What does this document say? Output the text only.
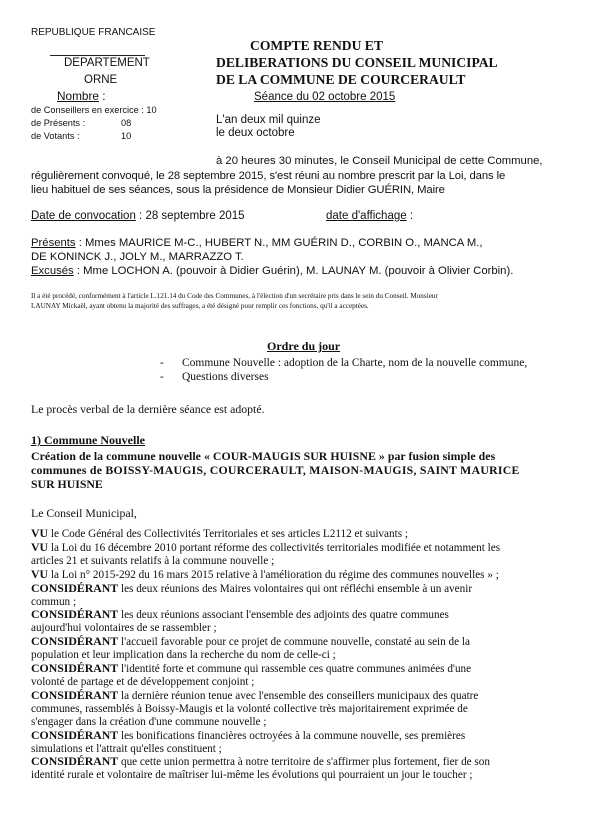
REPUBLIQUE FRANCAISE
DEPARTEMENT
ORNE
COMPTE RENDU ET
DELIBERATIONS DU CONSEIL MUNICIPAL
DE LA COMMUNE DE COURCERAULT
Séance du 02 octobre 2015
Nombre :
de Conseillers en exercice : 10
de Présents :	08
de Votants :	10
L'an deux mil quinze
le deux octobre
à 20 heures 30 minutes, le Conseil Municipal de cette Commune,
régulièrement convoqué, le 28 septembre 2015, s'est réuni au nombre prescrit par la Loi, dans le
lieu habituel de ses séances, sous la présidence de Monsieur Didier GUÉRIN, Maire
Date de convocation : 28 septembre 2015	date d'affichage :
Présents : Mmes MAURICE M-C., HUBERT N., MM GUÉRIN D., CORBIN O., MANCA M.,
DE KONINCK J., JOLY M., MARRAZZO T.
Excusés : Mme LOCHON A. (pouvoir à Didier Guérin), M. LAUNAY M. (pouvoir à Olivier Corbin).
Il a été procédé, conformément à l'article L.121.14 du Code des Communes, à l'élection d'un secrétaire pris dans le sein du Conseil. Monsieur
LAUNAY Mickaël, ayant obtenu la majorité des suffrages, a été désigné pour remplir ces fonctions, qu'il a acceptées.
Ordre du jour
- Commune Nouvelle : adoption de la Charte, nom de la nouvelle commune,
- Questions diverses
Le procès verbal de la dernière séance est adopté.
1) Commune Nouvelle
Création de la commune nouvelle « COUR-MAUGIS SUR HUISNE » par fusion simple des
communes de BOISSY-MAUGIS, COURCERAULT, MAISON-MAUGIS, SAINT MAURICE
SUR HUISNE
Le Conseil Municipal,
VU le Code Général des Collectivités Territoriales et ses articles L2112 et suivants ;
VU la Loi du 16 décembre 2010 portant réforme des collectivités territoriales modifiée et notamment les
articles 21 et suivants relatifs à la commune nouvelle ;
VU la Loi n° 2015-292 du 16 mars 2015 relative à l'amélioration du régime des communes nouvelles » ;
CONSIDÉRANT les deux réunions des Maires volontaires qui ont réfléchi ensemble à un avenir
commun ;
CONSIDÉRANT les deux réunions associant l'ensemble des adjoints des quatre communes
aujourd'hui volontaires de se rassembler ;
CONSIDÉRANT l'accueil favorable pour ce projet de commune nouvelle, constaté au sein de la
population et leur implication dans la recherche du nom de celle-ci ;
CONSIDÉRANT l'identité forte et commune qui rassemble ces quatre communes animées d'une
volonté de partage et de développement conjoint ;
CONSIDÉRANT la dernière réunion tenue avec l'ensemble des conseillers municipaux des quatre
communes, rassemblés à Boissy-Maugis et la volonté collective très majoritairement exprimée de
s'engager dans la création d'une commune nouvelle ;
CONSIDÉRANT les bonifications financières octroyées à la commune nouvelle, ses premières
simulations et l'attrait qu'elles constituent ;
CONSIDÉRANT que cette union permettra à notre territoire de s'affirmer plus fortement, fier de son
identité rurale et volontaire de maîtriser lui-même les évolutions qui pourraient un jour le toucher ;
